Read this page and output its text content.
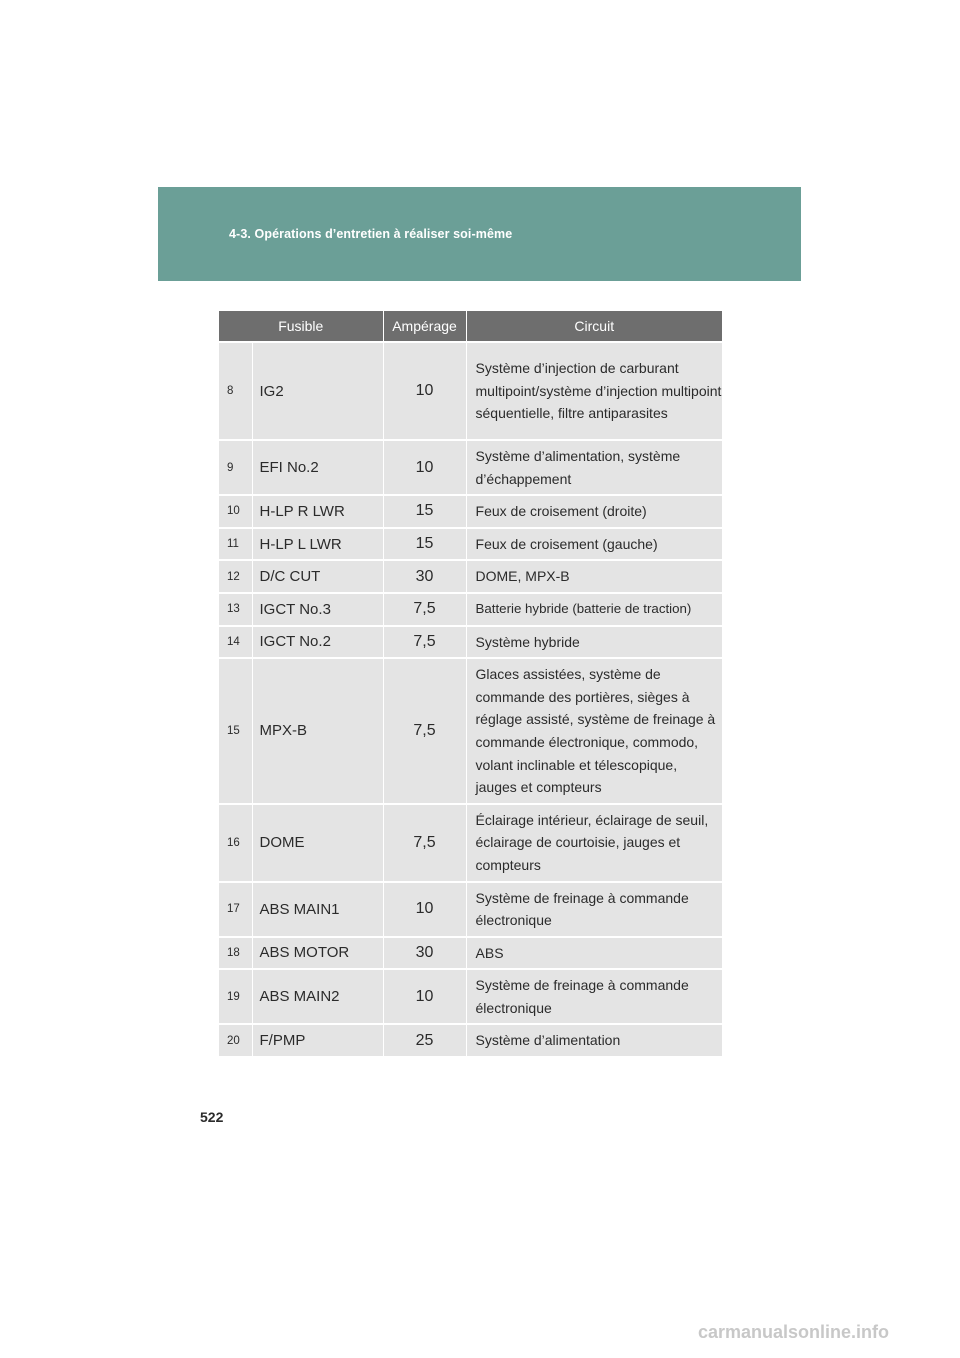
4-3. Opérations d’entretien à réaliser soi-même
Fusible		Ampérage	Circuit
8	IG2	10	Système d’injection de carburant multipoint/système d’injection multipoint séquentielle, filtre antiparasites
9	EFI No.2	10	Système d’alimentation, système d’échappement
10	H-LP R LWR	15	Feux de croisement (droite)
11	H-LP L LWR	15	Feux de croisement (gauche)
12	D/C CUT	30	DOME, MPX-B
13	IGCT No.3	7,5	Batterie hybride (batterie de traction)
14	IGCT No.2	7,5	Système hybride
15	MPX-B	7,5	Glaces assistées, système de commande des portières, sièges à réglage assisté, système de freinage à commande électronique, commodo, volant inclinable et télescopique, jauges et compteurs
16	DOME	7,5	Éclairage intérieur, éclairage de seuil, éclairage de courtoisie, jauges et compteurs
17	ABS MAIN1	10	Système de freinage à commande électronique
18	ABS MOTOR	30	ABS
19	ABS MAIN2	10	Système de freinage à commande électronique
20	F/PMP	25	Système d’alimentation
522
carmanualsonline.info
